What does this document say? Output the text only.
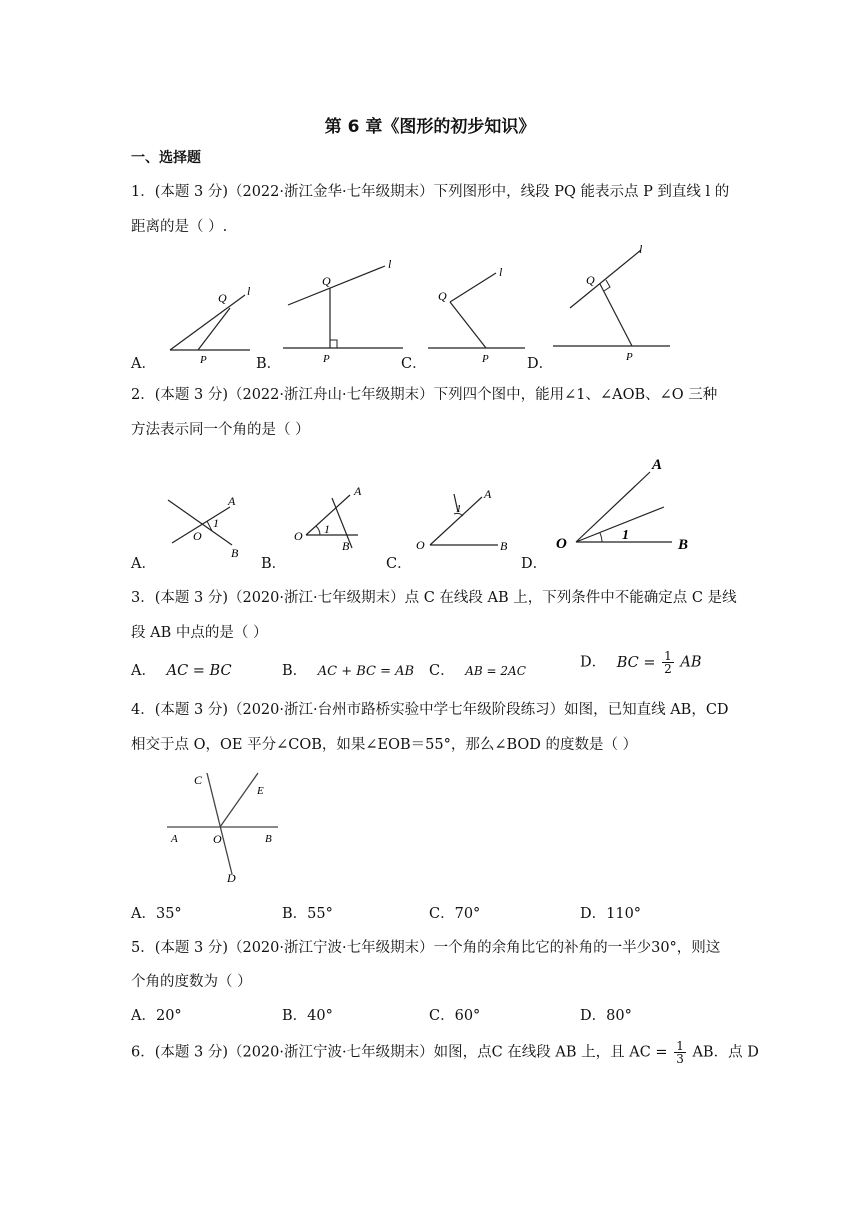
第 6 章《图形的初步知识》
一、选择题
1．(本题 3 分)（2022·浙江金华·七年级期末）下列图形中，线段 PQ 能表示点 P 到直线 l 的
距离的是（ ）.
A．
Q l
P	B．
Q
l
P	C．
Q
l
P	D．
Q
l
P
2．(本题 3 分)（2022·浙江舟山·七年级期末）下列四个图中，能用∠1、∠AOB、∠O 三种
方法表示同一个角的是（ ）
A．
1
A
O
B
B．
1
A
O
B
C．
1
A
O	B
D．
1
A
O	B
3．(本题 3 分)（2020·浙江·七年级期末）点 C 在线段 AB 上，下列条件中不能确定点 C 是线
段 AB 中点的是（ ）
A． AC = BC	B． AC + BC = AB C． AB = 2AC
D． BC = $\frac{1}{2}$ AB
4．(本题 3 分)（2020·浙江·台州市路桥实验中学七年级阶段练习）如图，已知直线 AB，CD
相交于点 O，OE 平分∠COB，如果∠EOB＝55°，那么∠BOD 的度数是（ ）
C
E
A	O	B
D
A．35°	B．55°	C．70°	D．110°
5．(本题 3 分)（2020·浙江宁波·七年级期末）一个角的余角比它的补角的一半少30°，则这
个角的度数为（ ）
A．20°	B．40°	C．60°	D．80°
6．(本题 3 分)（2020·浙江宁波·七年级期末）如图，点C 在线段 AB 上，且 AC = $\frac{1}{3}$ AB．点 D
